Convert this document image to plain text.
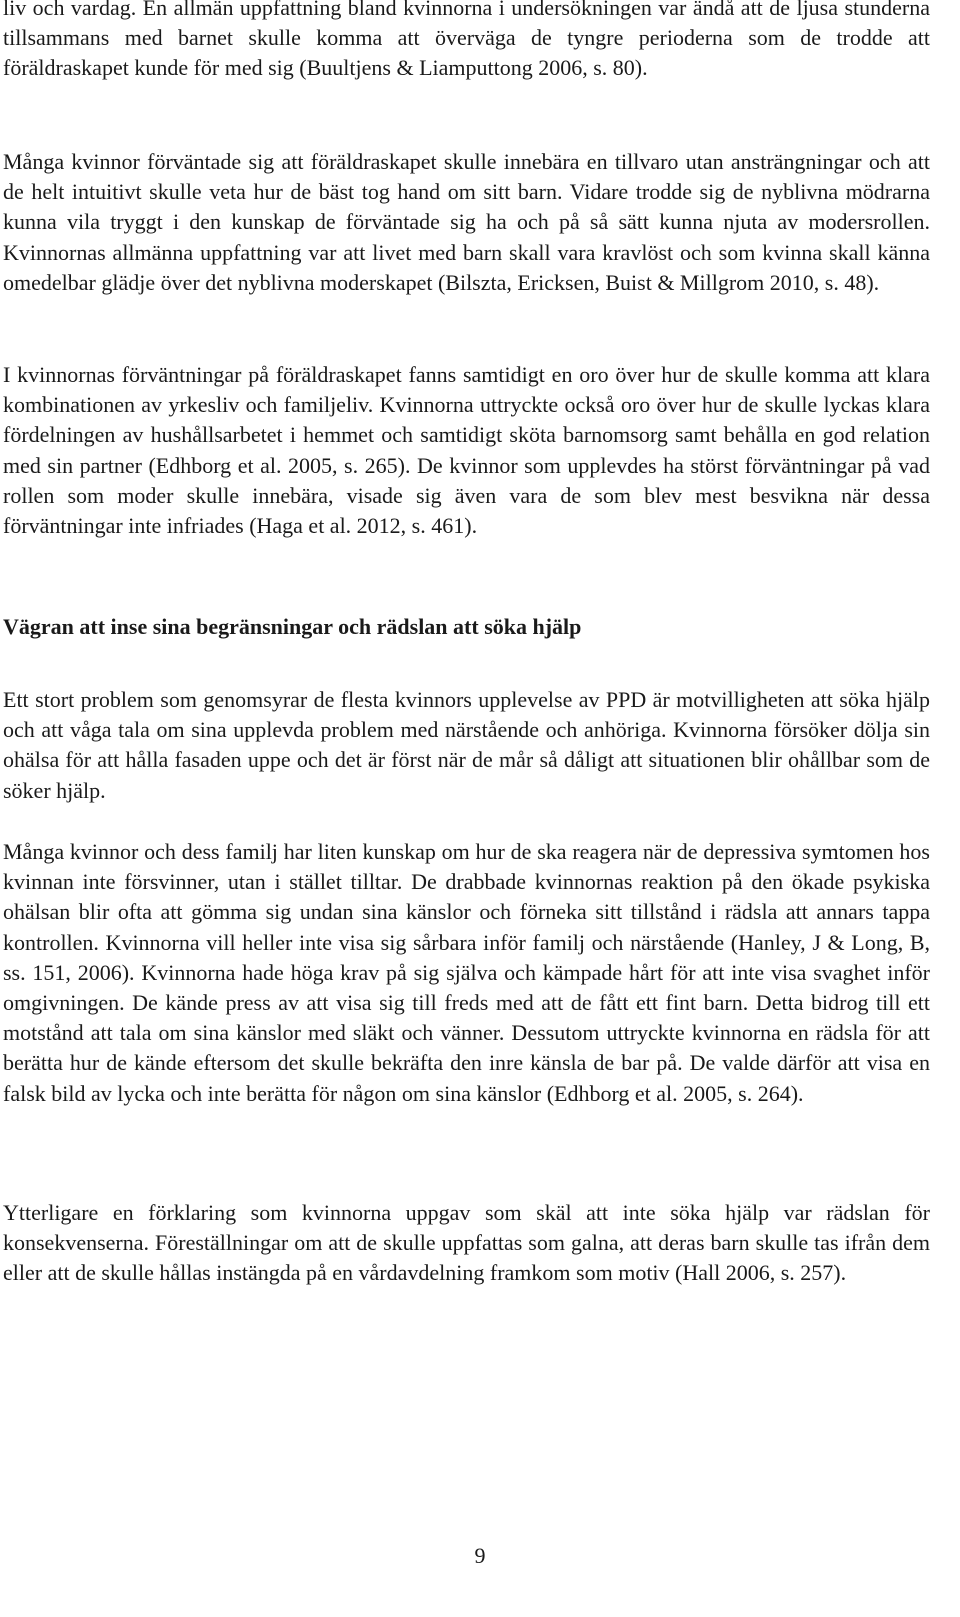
liv och vardag. En allmän uppfattning bland kvinnorna i undersökningen var ändå att de ljusa stunderna tillsammans med barnet skulle komma att överväga de tyngre perioderna som de trodde att föräldraskapet kunde för med sig (Buultjens & Liamputtong 2006, s. 80).

Många kvinnor förväntade sig att föräldraskapet skulle innebära en tillvaro utan ansträngningar och att de helt intuitivt skulle veta hur de bäst tog hand om sitt barn. Vidare trodde sig de nyblivna mödrarna kunna vila tryggt i den kunskap de förväntade sig ha och på så sätt kunna njuta av modersrollen. Kvinnornas allmänna uppfattning var att livet med barn skall vara kravlöst och som kvinna skall känna omedelbar glädje över det nyblivna moderskapet (Bilszta, Ericksen, Buist & Millgrom 2010, s. 48).

I kvinnornas förväntningar på föräldraskapet fanns samtidigt en oro över hur de skulle komma att klara kombinationen av yrkesliv och familjeliv. Kvinnorna uttryckte också oro över hur de skulle lyckas klara fördelningen av hushållsarbetet i hemmet och samtidigt sköta barnomsorg samt behålla en god relation med sin partner (Edhborg et al. 2005, s. 265). De kvinnor som upplevdes ha störst förväntningar på vad rollen som moder skulle innebära, visade sig även vara de som blev mest besvikna när dessa förväntningar inte infriades (Haga et al. 2012, s. 461).

Vägran att inse sina begränsningar och rädslan att söka hjälp

Ett stort problem som genomsyrar de flesta kvinnors upplevelse av PPD är motvilligheten att söka hjälp och att våga tala om sina upplevda problem med närstående och anhöriga. Kvinnorna försöker dölja sin ohälsa för att hålla fasaden uppe och det är först när de mår så dåligt att situationen blir ohållbar som de söker hjälp.

Många kvinnor och dess familj har liten kunskap om hur de ska reagera när de depressiva symtomen hos kvinnan inte försvinner, utan i stället tilltar. De drabbade kvinnornas reaktion på den ökade psykiska ohälsan blir ofta att gömma sig undan sina känslor och förneka sitt tillstånd i rädsla att annars tappa kontrollen. Kvinnorna vill heller inte visa sig sårbara inför familj och närstående (Hanley, J & Long, B, ss. 151, 2006). Kvinnorna hade höga krav på sig själva och kämpade hårt för att inte visa svaghet inför omgivningen. De kände press av att visa sig till freds med att de fått ett fint barn. Detta bidrog till ett motstånd att tala om sina känslor med släkt och vänner. Dessutom uttryckte kvinnorna en rädsla för att berätta hur de kände eftersom det skulle bekräfta den inre känsla de bar på. De valde därför att visa en falsk bild av lycka och inte berätta för någon om sina känslor (Edhborg et al. 2005, s. 264).

Ytterligare en förklaring som kvinnorna uppgav som skäl att inte söka hjälp var rädslan för konsekvenserna. Föreställningar om att de skulle uppfattas som galna, att deras barn skulle tas ifrån dem eller att de skulle hållas instängda på en vårdavdelning framkom som motiv (Hall 2006, s. 257).

9
